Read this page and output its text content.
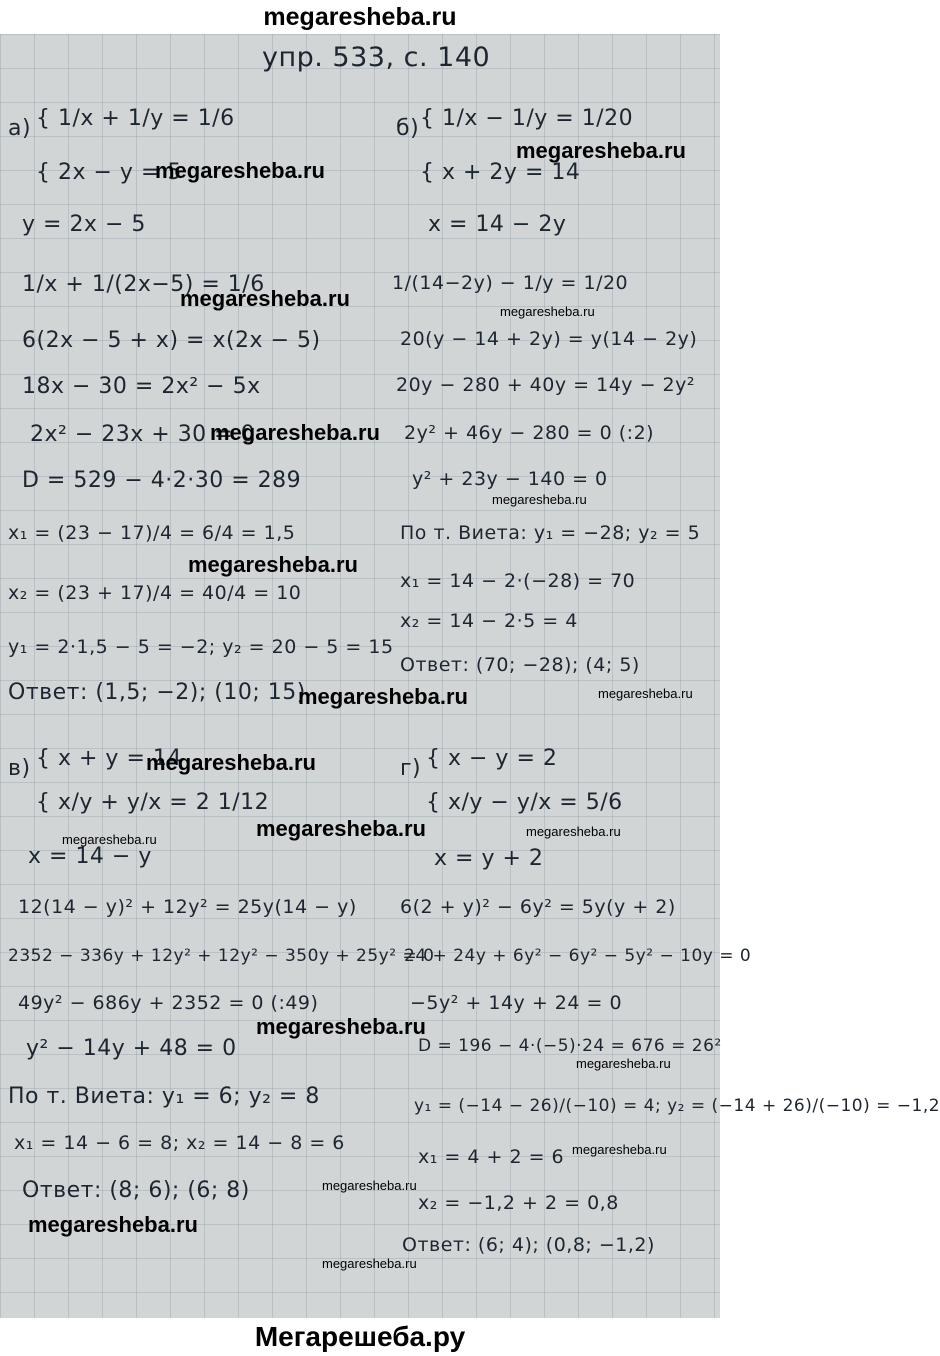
megaresheba.ru
упр. 533, с. 140
а) { 1/x + 1/y = 1/6
{ 2x − y = 5
y = 2x − 5
1/x + 1/(2x−5) = 1/6
6(2x − 5 + x) = x(2x − 5)
18x − 30 = 2x² − 5x
2x² − 23x + 30 = 0
D = 529 − 4·2·30 = 289
x₁ = (23 − 17)/4 = 6/4 = 1,5
x₂ = (23 + 17)/4 = 40/4 = 10
y₁ = 2·1,5 − 5 = −2; y₂ = 20 − 5 = 15
Ответ: (1,5; −2); (10; 15)
б) { 1/x − 1/y = 1/20
{ x + 2y = 14
x = 14 − 2y
1/(14−2y) − 1/y = 1/20
20(y − 14 + 2y) = y(14 − 2y)
20y − 280 + 40y = 14y − 2y²
2y² + 46y − 280 = 0 (:2)
y² + 23y − 140 = 0
По т. Виета: y₁ = −28; y₂ = 5
x₁ = 14 − 2·(−28) = 70
x₂ = 14 − 2·5 = 4
Ответ: (70; −28); (4; 5)
в) { x + y = 14
{ x/y + y/x = 2 1/12
x = 14 − y
12(14 − y)² + 12y² = 25y(14 − y)
2352 − 336y + 12y² + 12y² − 350y + 25y² = 0
49y² − 686y + 2352 = 0 (:49)
y² − 14y + 48 = 0
По т. Виета: y₁ = 6; y₂ = 8
x₁ = 14 − 6 = 8; x₂ = 14 − 8 = 6
Ответ: (8; 6); (6; 8)
г) { x − y = 2
{ x/y − y/x = 5/6
x = y + 2
6(2 + y)² − 6y² = 5y(y + 2)
24 + 24y + 6y² − 6y² − 5y² − 10y = 0
−5y² + 14y + 24 = 0
D = 196 − 4·(−5)·24 = 676 = 26²
y₁ = (−14 − 26)/(−10) = 4; y₂ = (−14 + 26)/(−10) = −1,2
x₁ = 4 + 2 = 6
x₂ = −1,2 + 2 = 0,8
Ответ: (6; 4); (0,8; −1,2)
megaresheba.ru
megaresheba.ru
megaresheba.ru
megaresheba.ru
megaresheba.ru
megaresheba.ru
megaresheba.ru
megaresheba.ru
megaresheba.ru
megaresheba.ru
megaresheba.ru	megaresheba.ru	megaresheba.ru
megaresheba.ru
megaresheba.ru
megaresheba.ru
megaresheba.ru
megaresheba.ru
megaresheba.ru
Мегарешеба.ру
